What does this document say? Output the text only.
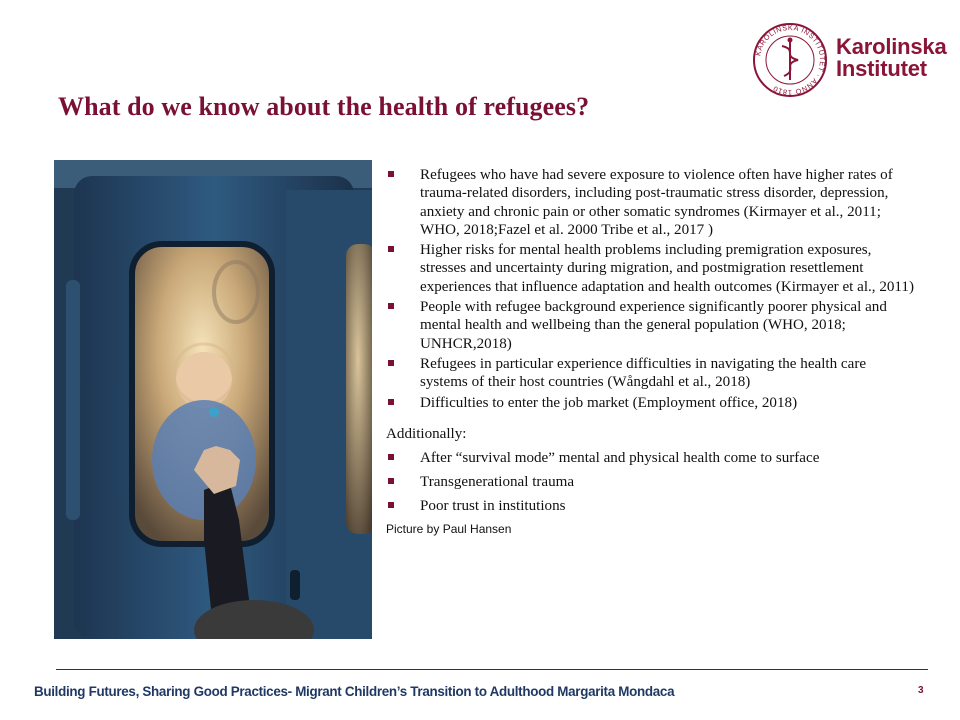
KAROLINSKA INSTITUTET · ANNO 1810
Karolinska
Institutet
What do we know about the health of refugees?
Refugees who have had severe exposure to violence often have higher rates of trauma-related disorders, including post-traumatic stress disorder, depression, anxiety and chronic pain or other somatic syndromes (Kirmayer et al., 2011; WHO, 2018;Fazel et al. 2000 Tribe et al., 2017 )
Higher risks for mental health problems including premigration exposures, stresses and uncertainty during migration, and postmigration resettlement experiences that influence adaptation and health outcomes (Kirmayer et al., 2011)
People with refugee background experience significantly poorer physical and mental health and wellbeing than the general population (WHO, 2018; UNHCR,2018)
Refugees in particular experience difficulties in navigating the health care systems of their host countries (Wångdahl et al., 2018)
Difficulties to enter the job market (Employment office, 2018)
Additionally:
After “survival mode” mental and physical health come to surface
Transgenerational trauma
Poor trust in institutions
Picture by Paul Hansen
Building Futures, Sharing Good Practices- Migrant Children’s Transition to Adulthood Margarita Mondaca	3
